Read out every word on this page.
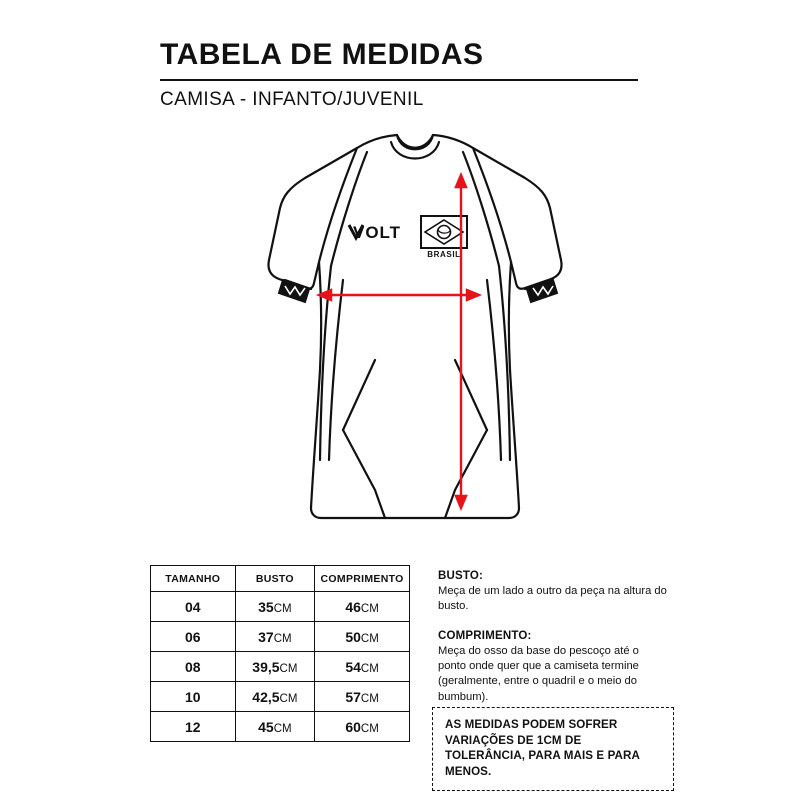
TABELA DE MEDIDAS

CAMISA - INFANTO/JUVENIL

VOLT
BRASIL
TAMANHO	BUSTO	COMPRIMENTO
04	35CM	46CM
06	37CM	50CM
08	39,5CM	54CM
10	42,5CM	57CM
12	45CM	60CM

BUSTO:

Meça de um lado a outro da peça na altura do busto.

COMPRIMENTO:

Meça do osso da base do pescoço até o ponto onde quer que a camiseta termine (geralmente, entre o quadril e o meio do bumbum).

AS MEDIDAS PODEM SOFRER VARIAÇÕES DE 1CM DE TOLERÂNCIA, PARA MAIS E PARA MENOS.
